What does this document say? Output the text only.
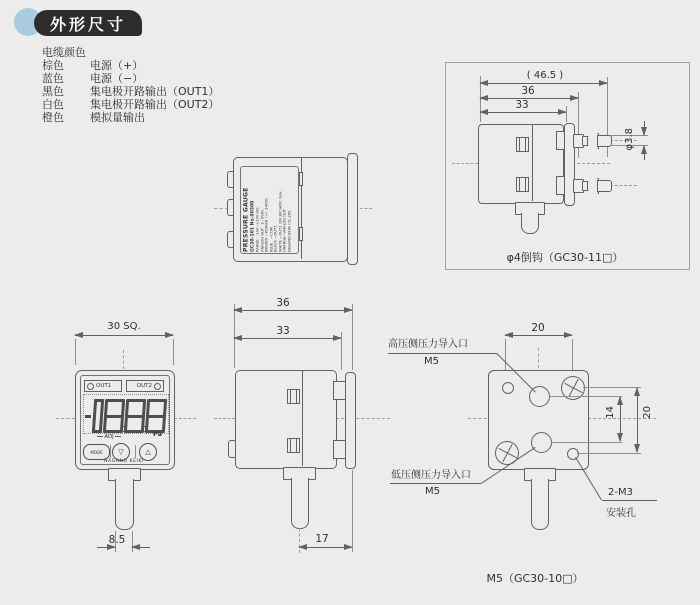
外形尺寸
电缆颜色
棕色	电源（+）
蓝色	电源（−）
黑色	集电极开路输出（OUT1）
白色	集电极开路输出（OUT2）
橙色	模拟量输出
PRESSURE GAUGE GC30-101 No.00308 RANGE：-100~+100 kPa ANALOG OUT：1~5VDC BROWN —POWER（+）24VDC BLUE　—COM BLACK —OUT1 WHITE —OUT2 30V,80mADC max. ORANGE—ANALOG OUT NAGANO KEIKI CO.,LTD.
36
33
( 46.5 )
36
33
φ3.8
φ4倒钩（GC30-11□）
30 SQ.
OUT1	OUT2
ADJ	Pa
MODE	▽	△
NAGANO KEIKI
8.5	17
20
14	20
高压侧压力导入口
M5
低压侧压力导入口
M5	2-M3
安装孔
M5（GC30-10□）
